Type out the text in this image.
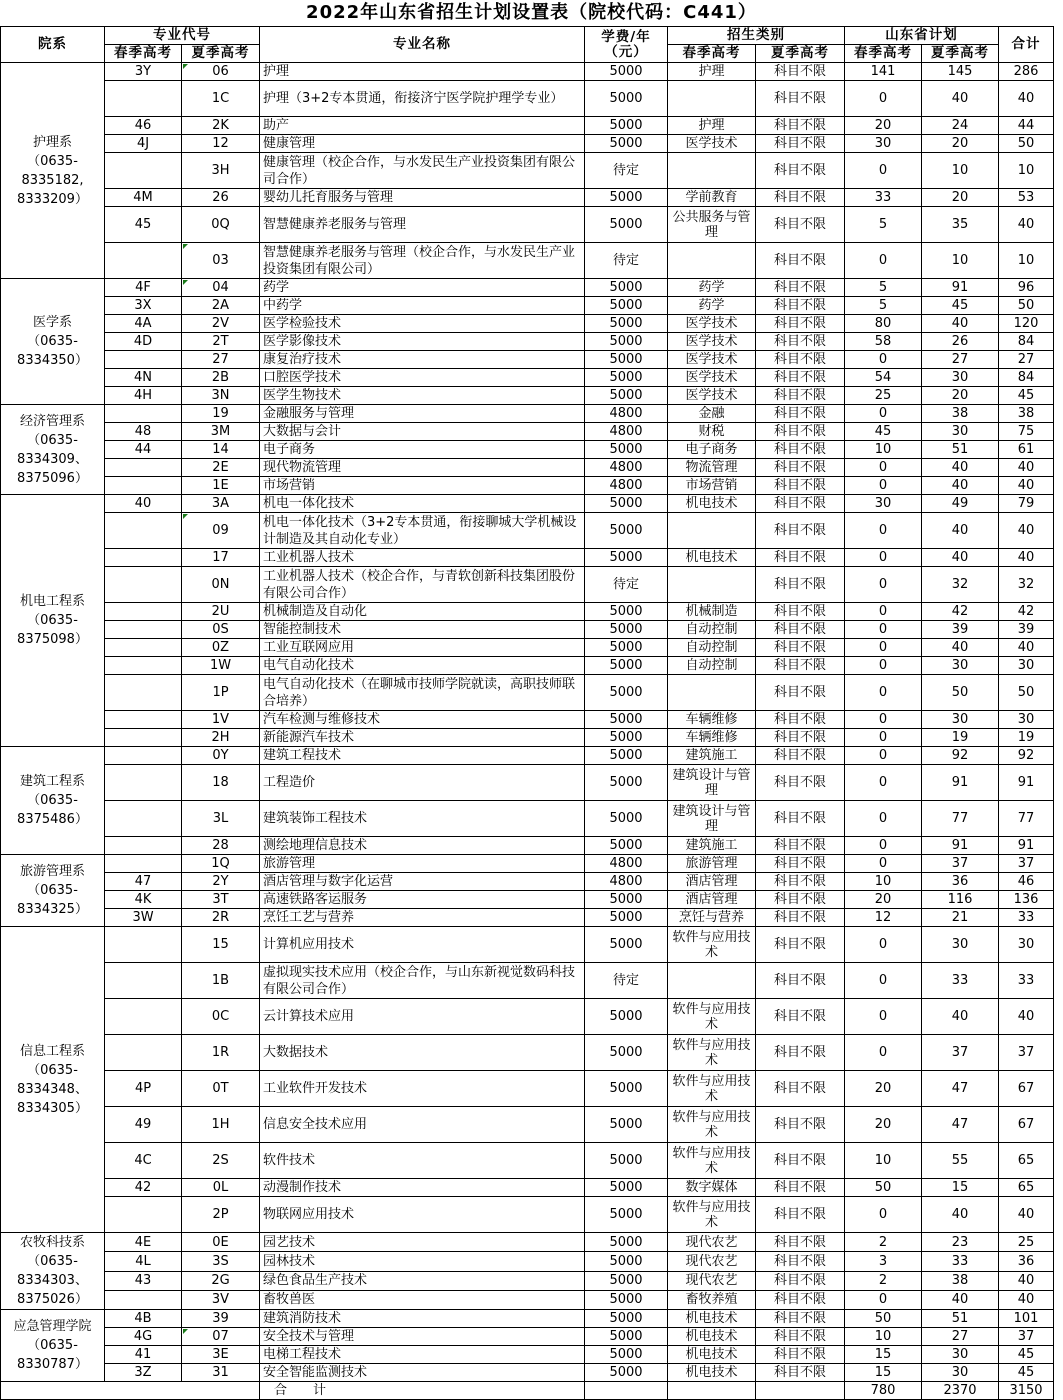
2022年山东省招生计划设置表（院校代码：C441）
院系	专业代号		专业名称	学费/年
（元）	招生类别		山东省计划		合计
	春季高考	夏季高考			春季高考	夏季高考	春季高考	夏季高考	

护理系
（0635-
8335182,
8333209）	3Y	06	护理	5000	护理	科目不限	141	145	286
		1C	护理（3+2专本贯通，衔接济宁医学院护理学专业）	5000		科目不限	0	40	40
	46	2K	助产	5000	护理	科目不限	20	24	44
	4J	12	健康管理	5000	医学技术	科目不限	30	20	50
		3H	健康管理（校企合作，与水发民生产业投资集团有限公司合作）	待定		科目不限	0	10	10
	4M	26	婴幼儿托育服务与管理	5000	学前教育	科目不限	33	20	53
	45	0Q	智慧健康养老服务与管理	5000	公共服务与管理	科目不限	5	35	40
		03	智慧健康养老服务与管理（校企合作，与水发民生产业投资集团有限公司）	待定		科目不限	0	10	10

医学系
（0635-
8334350）	4F	04	药学	5000	药学	科目不限	5	91	96
	3X	2A	中药学	5000	药学	科目不限	5	45	50
	4A	2V	医学检验技术	5000	医学技术	科目不限	80	40	120
	4D	2T	医学影像技术	5000	医学技术	科目不限	58	26	84
		27	康复治疗技术	5000	医学技术	科目不限	0	27	27
	4N	2B	口腔医学技术	5000	医学技术	科目不限	54	30	84
	4H	3N	医学生物技术	5000	医学技术	科目不限	25	20	45

经济管理系
（0635-
8334309、
8375096）		19	金融服务与管理	4800	金融	科目不限	0	38	38
	48	3M	大数据与会计	4800	财税	科目不限	45	30	75
	44	14	电子商务	5000	电子商务	科目不限	10	51	61
		2E	现代物流管理	4800	物流管理	科目不限	0	40	40
		1E	市场营销	4800	市场营销	科目不限	0	40	40

机电工程系
（0635-
8375098）	40	3A	机电一体化技术	5000	机电技术	科目不限	30	49	79
		09	机电一体化技术（3+2专本贯通，衔接聊城大学机械设计制造及其自动化专业）	5000		科目不限	0	40	40
		17	工业机器人技术	5000	机电技术	科目不限	0	40	40
		0N	工业机器人技术（校企合作，与青软创新科技集团股份有限公司合作）	待定		科目不限	0	32	32
		2U	机械制造及自动化	5000	机械制造	科目不限	0	42	42
		0S	智能控制技术	5000	自动控制	科目不限	0	39	39
		0Z	工业互联网应用	5000	自动控制	科目不限	0	40	40
		1W	电气自动化技术	5000	自动控制	科目不限	0	30	30
		1P	电气自动化技术（在聊城市技师学院就读，高职技师联合培养）	5000		科目不限	0	50	50
		1V	汽车检测与维修技术	5000	车辆维修	科目不限	0	30	30
		2H	新能源汽车技术	5000	车辆维修	科目不限	0	19	19

建筑工程系
（0635-
8375486）		0Y	建筑工程技术	5000	建筑施工	科目不限	0	92	92
		18	工程造价	5000	建筑设计与管理	科目不限	0	91	91
		3L	建筑装饰工程技术	5000	建筑设计与管理	科目不限	0	77	77
		28	测绘地理信息技术	5000	建筑施工	科目不限	0	91	91

旅游管理系
（0635-
8334325）		1Q	旅游管理	4800	旅游管理	科目不限	0	37	37
	47	2Y	酒店管理与数字化运营	4800	酒店管理	科目不限	10	36	46
	4K	3T	高速铁路客运服务	5000	酒店管理	科目不限	20	116	136
	3W	2R	烹饪工艺与营养	5000	烹饪与营养	科目不限	12	21	33

信息工程系
（0635-
8334348、
8334305）		15	计算机应用技术	5000	软件与应用技术	科目不限	0	30	30
		1B	虚拟现实技术应用（校企合作，与山东新视觉数码科技有限公司合作）	待定		科目不限	0	33	33
		0C	云计算技术应用	5000	软件与应用技术	科目不限	0	40	40
		1R	大数据技术	5000	软件与应用技术	科目不限	0	37	37
	4P	0T	工业软件开发技术	5000	软件与应用技术	科目不限	20	47	67
	49	1H	信息安全技术应用	5000	软件与应用技术	科目不限	20	47	67
	4C	2S	软件技术	5000	软件与应用技术	科目不限	10	55	65
	42	0L	动漫制作技术	5000	数字媒体	科目不限	50	15	65
		2P	物联网应用技术	5000	软件与应用技术	科目不限	0	40	40

农牧科技系
（0635-
8334303、
8375026）	4E	0E	园艺技术	5000	现代农艺	科目不限	2	23	25
	4L	3S	园林技术	5000	现代农艺	科目不限	3	33	36
	43	2G	绿色食品生产技术	5000	现代农艺	科目不限	2	38	40
		3V	畜牧兽医	5000	畜牧养殖	科目不限	0	40	40

应急管理学院
（0635-
8330787）	4B	39	建筑消防技术	5000	机电技术	科目不限	50	51	101
	4G	07	安全技术与管理	5000	机电技术	科目不限	10	27	37
	41	3E	电梯工程技术	5000	机电技术	科目不限	15	30	45
	3Z	31	安全智能监测技术	5000	机电技术	科目不限	15	30	45
			合　　计				780	2370	3150
